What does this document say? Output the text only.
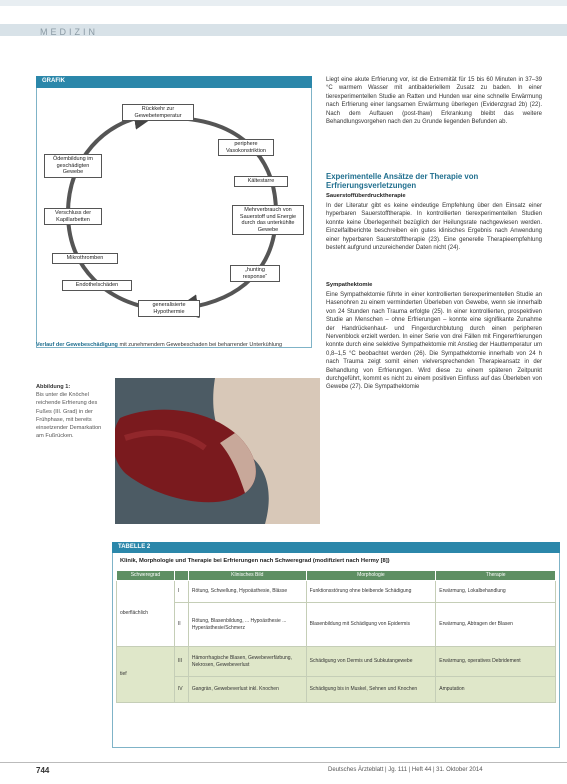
MEDIZIN
GRAFIK
Rückkehr zur Gewebetemperatur
periphere Vasokonstriktion
Kältestarre
Mehrverbrauch von Sauerstoff und Energie durch das unterkühlte Gewebe
„hunting response“
generalisierte Hypothermie
Endothelschäden
Mikrothromben
Verschluss der Kapillarbetten
Ödembildung im geschädigten Gewebe
Verlauf der Gewebeschädigung mit zunehmendem Gewebeschaden bei beharrender Unterkühlung
Abbildung 1:
Bis unter die Knöchel reichende Erfrierung des Fußes (III. Grad) in der Frühphase, mit bereits einsetzender Demarkation am Fußrücken.
Liegt eine akute Erfrierung vor, ist die Extremität für 15 bis 60 Minuten in 37–39 °C warmem Wasser mit antibakteriellem Zusatz zu baden. In einer tierexperimentellen Studie an Ratten und Hunden war eine schnelle Erwärmung nach Erfrierung einer langsamen Erwärmung überlegen (Evidenzgrad 2b) (22). Nach dem Auftauen (post-thaw) Erkrankung bleibt das weitere Behandlungsvorgehen nach den zu Grunde liegenden Befunden ab.
Experimentelle Ansätze der Therapie von Erfrierungsverletzungen
Sauerstoffüberdrucktherapie
In der Literatur gibt es keine eindeutige Empfehlung über den Einsatz einer hyperbaren Sauerstofftherapie. In kontrollierten tierexperimentellen Studien konnte keine Überlegenheit bezüglich der Heilungsrate nachgewiesen werden. Einzelfallberichte beschreiben ein gutes klinisches Ergebnis nach Anwendung einer hyperbaren Sauerstofftherapie (23). Eine generelle Therapieempfehlung besteht aufgrund unzureichender Daten nicht (24).
Sympathektomie
Eine Sympathektomie führte in einer kontrollierten tierexperimentellen Studie an Hasenohren zu einem verminderten Überleben von Gewebe, wenn sie innerhalb von 24 Stunden nach Trauma erfolgte (25). In einer kontrollierten, prospektiven Studie an Menschen – ohne Erfrierungen – konnte eine signifikante Zunahme der Handrückenhaut- und Fingerdurchblutung durch einen peripheren Nervenblock erzielt werden. In einer Serie von drei Fällen mit Fingererfrierungen konnte durch eine selektive Sympathektomie mit Anstieg der Hauttemperatur um 0,8–1,5 °C beobachtet werden (26). Die Sympathektomie innerhalb von 24 h nach Trauma zeigt somit einen vielversprechenden Therapieansatz in der Behandlung von Erfrierungen. Wird diese zu einem späteren Zeitpunkt durchgeführt, kommt es nicht zu einem positiven Einfluss auf das Überleben von Gewebe (27). Die Sympathektomie
TABELLE 2
Klinik, Morphologie und Therapie bei Erfrierungen nach Schweregrad (modifiziert nach Hermy [8])
Schweregrad		Klinisches Bild	Morphologie	Therapie
oberflächlich	I	Rötung, Schwellung, Hypoästhesie, Blässe	Funktionsstörung ohne bleibende Schädigung	Erwärmung, Lokalbehandlung
	II	Rötung, Blasenbildung, ... Hypoästhesie ... Hyperästhesie/Schmerz	Blasenbildung mit Schädigung von Epidermis	Erwärmung, Abtragen der Blasen
tief	III	Hämorrhagische Blasen, Gewebeverfärbung, Nekrosen, Gewebeverlust	Schädigung von Dermis und Subkutangewebe	Erwärmung, operatives Debridement
	IV	Gangrän, Gewebeverlust inkl. Knochen	Schädigung bis in Muskel, Sehnen und Knochen	Amputation
744	Deutsches Ärzteblatt | Jg. 111 | Heft 44 | 31. Oktober 2014
